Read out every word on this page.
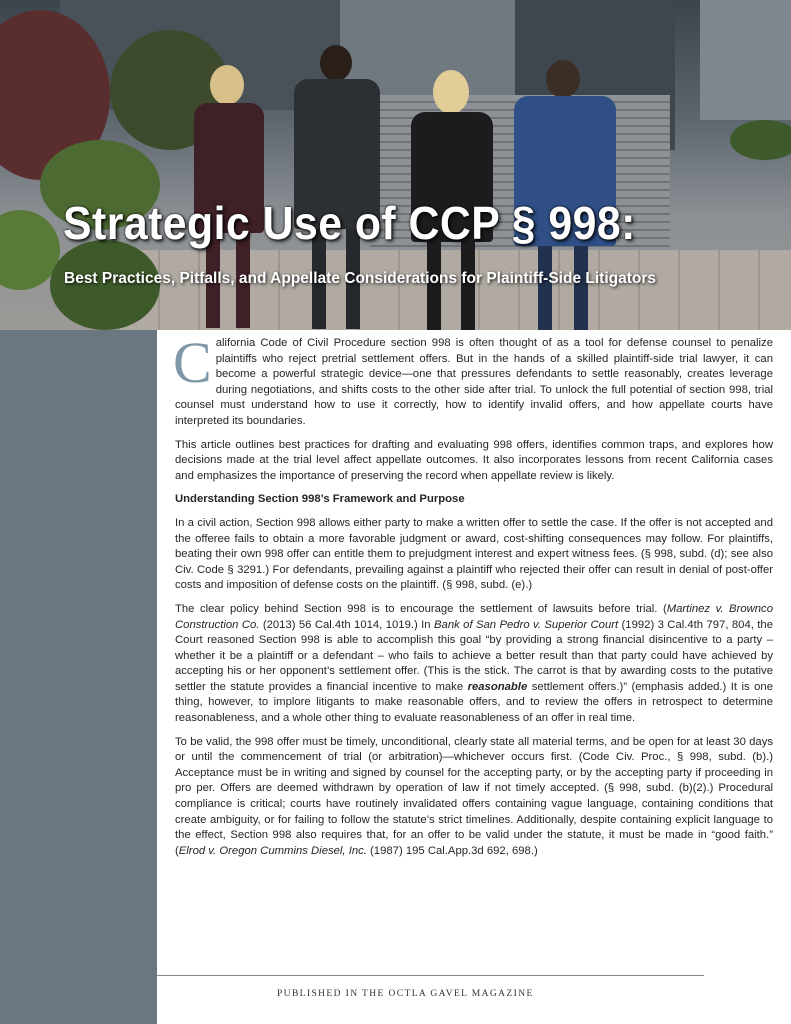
Strategic Use of CCP § 998:
Best Practices, Pitfalls, and Appellate Considerations for Plaintiff-Side Litigators

California Code of Civil Procedure section 998 is often thought of as a tool for defense counsel to penalize plaintiffs who reject pretrial settlement offers. But in the hands of a skilled plaintiff-side trial lawyer, it can become a powerful strategic device—one that pressures defendants to settle reasonably, creates leverage during negotiations, and shifts costs to the other side after trial. To unlock the full potential of section 998, trial counsel must understand how to use it correctly, how to identify invalid offers, and how appellate courts have interpreted its boundaries.

This article outlines best practices for drafting and evaluating 998 offers, identifies common traps, and explores how decisions made at the trial level affect appellate outcomes. It also incorporates lessons from recent California cases and emphasizes the importance of preserving the record when appellate review is likely.

Understanding Section 998’s Framework and Purpose

In a civil action, Section 998 allows either party to make a written offer to settle the case. If the offer is not accepted and the offeree fails to obtain a more favorable judgment or award, cost-shifting consequences may follow. For plaintiffs, beating their own 998 offer can entitle them to prejudgment interest and expert witness fees. (§ 998, subd. (d); see also Civ. Code § 3291.) For defendants, prevailing against a plaintiff who rejected their offer can result in denial of post-offer costs and imposition of defense costs on the plaintiff. (§ 998, subd. (e).)

The clear policy behind Section 998 is to encourage the settlement of lawsuits before trial. (Martinez v. Brownco Construction Co. (2013) 56 Cal.4th 1014, 1019.) In Bank of San Pedro v. Superior Court (1992) 3 Cal.4th 797, 804, the Court reasoned Section 998 is able to accomplish this goal “by providing a strong financial disincentive to a party – whether it be a plaintiff or a defendant – who fails to achieve a better result than that party could have achieved by accepting his or her opponent’s settlement offer. (This is the stick. The carrot is that by awarding costs to the putative settler the statute provides a financial incentive to make reasonable settlement offers.)” (emphasis added.) It is one thing, however, to implore litigants to make reasonable offers, and to review the offers in retrospect to determine reasonableness, and a whole other thing to evaluate reasonableness of an offer in real time.

To be valid, the 998 offer must be timely, unconditional, clearly state all material terms, and be open for at least 30 days or until the commencement of trial (or arbitration)—whichever occurs first. (Code Civ. Proc., § 998, subd. (b).) Acceptance must be in writing and signed by counsel for the accepting party, or by the accepting party if proceeding in pro per. Offers are deemed withdrawn by operation of law if not timely accepted. (§ 998, subd. (b)(2).) Procedural compliance is critical; courts have routinely invalidated offers containing vague language, containing conditions that create ambiguity, or for failing to follow the statute’s strict timelines. Additionally, despite containing explicit language to the effect, Section 998 also requires that, for an offer to be valid under the statute, it must be made in “good faith.” (Elrod v. Oregon Cummins Diesel, Inc. (1987) 195 Cal.App.3d 692, 698.)

PUBLISHED IN THE OCTLA GAVEL MAGAZINE
